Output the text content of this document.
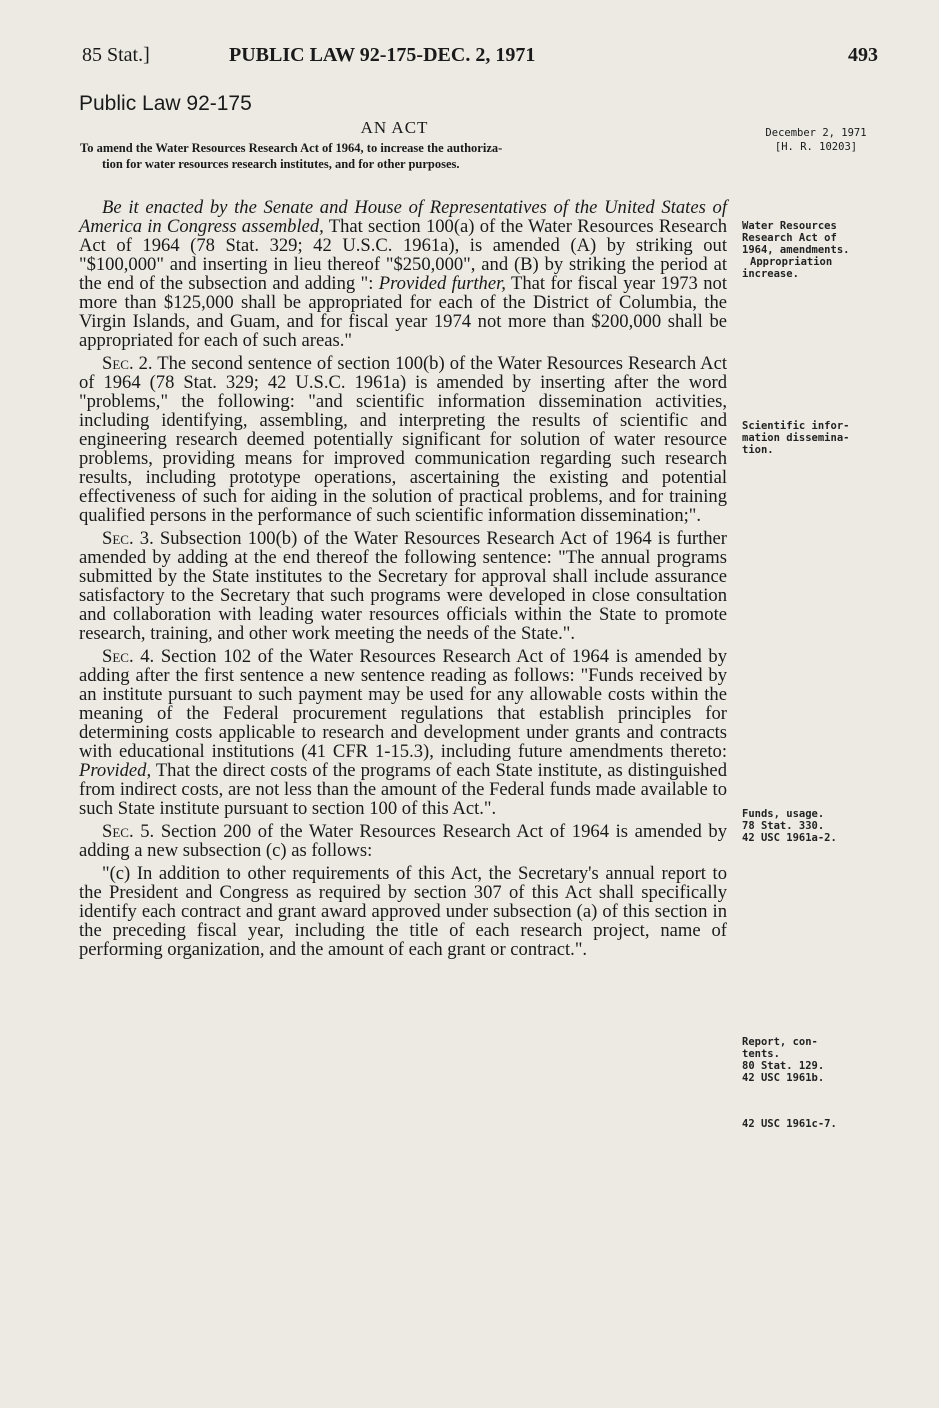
85 Stat.]	PUBLIC LAW 92-175-DEC. 2, 1971	493
Public Law 92-175
AN ACT
To amend the Water Resources Research Act of 1964, to increase the authoriza-
tion for water resources research institutes, and for other purposes.
December 2, 1971
[H. R. 10203]

Be it enacted by the Senate and House of Representatives of the United States of America in Congress assembled, That section 100(a) of the Water Resources Research Act of 1964 (78 Stat. 329; 42 U.S.C. 1961a), is amended (A) by striking out "$100,000" and inserting in lieu thereof "$250,000", and (B) by striking the period at the end of the subsection and adding ": Provided further, That for fiscal year 1973 not more than $125,000 shall be appropriated for each of the District of Columbia, the Virgin Islands, and Guam, and for fiscal year 1974 not more than $200,000 shall be appropriated for each of such areas."

Sec. 2. The second sentence of section 100(b) of the Water Resources Research Act of 1964 (78 Stat. 329; 42 U.S.C. 1961a) is amended by inserting after the word "problems," the following: "and scientific information dissemination activities, including identifying, assembling, and interpreting the results of scientific and engineering research deemed potentially significant for solution of water resource problems, providing means for improved communication regarding such research results, including prototype operations, ascertaining the existing and potential effectiveness of such for aiding in the solution of practical problems, and for training qualified persons in the performance of such scientific information dissemination;".

Sec. 3. Subsection 100(b) of the Water Resources Research Act of 1964 is further amended by adding at the end thereof the following sentence: "The annual programs submitted by the State institutes to the Secretary for approval shall include assurance satisfactory to the Secretary that such programs were developed in close consultation and collaboration with leading water resources officials within the State to promote research, training, and other work meeting the needs of the State.".

Sec. 4. Section 102 of the Water Resources Research Act of 1964 is amended by adding after the first sentence a new sentence reading as follows: "Funds received by an institute pursuant to such payment may be used for any allowable costs within the meaning of the Federal procurement regulations that establish principles for determining costs applicable to research and development under grants and contracts with educational institutions (41 CFR 1-15.3), including future amendments thereto: Provided, That the direct costs of the programs of each State institute, as distinguished from indirect costs, are not less than the amount of the Federal funds made available to such State institute pursuant to section 100 of this Act.".

Sec. 5. Section 200 of the Water Resources Research Act of 1964 is amended by adding a new subsection (c) as follows:

"(c) In addition to other requirements of this Act, the Secretary's annual report to the President and Congress as required by section 307 of this Act shall specifically identify each contract and grant award approved under subsection (a) of this section in the preceding fiscal year, including the title of each research project, name of performing organization, and the amount of each grant or contract.".

Water Resources
Research Act of
1964, amendments.
Appropriation
increase.
Scientific infor-
mation dissemina-
tion.
Funds, usage.
78 Stat. 330.
42 USC 1961a-2.
Report, con-
tents.
80 Stat. 129.
42 USC 1961b.
42 USC 1961c-7.
